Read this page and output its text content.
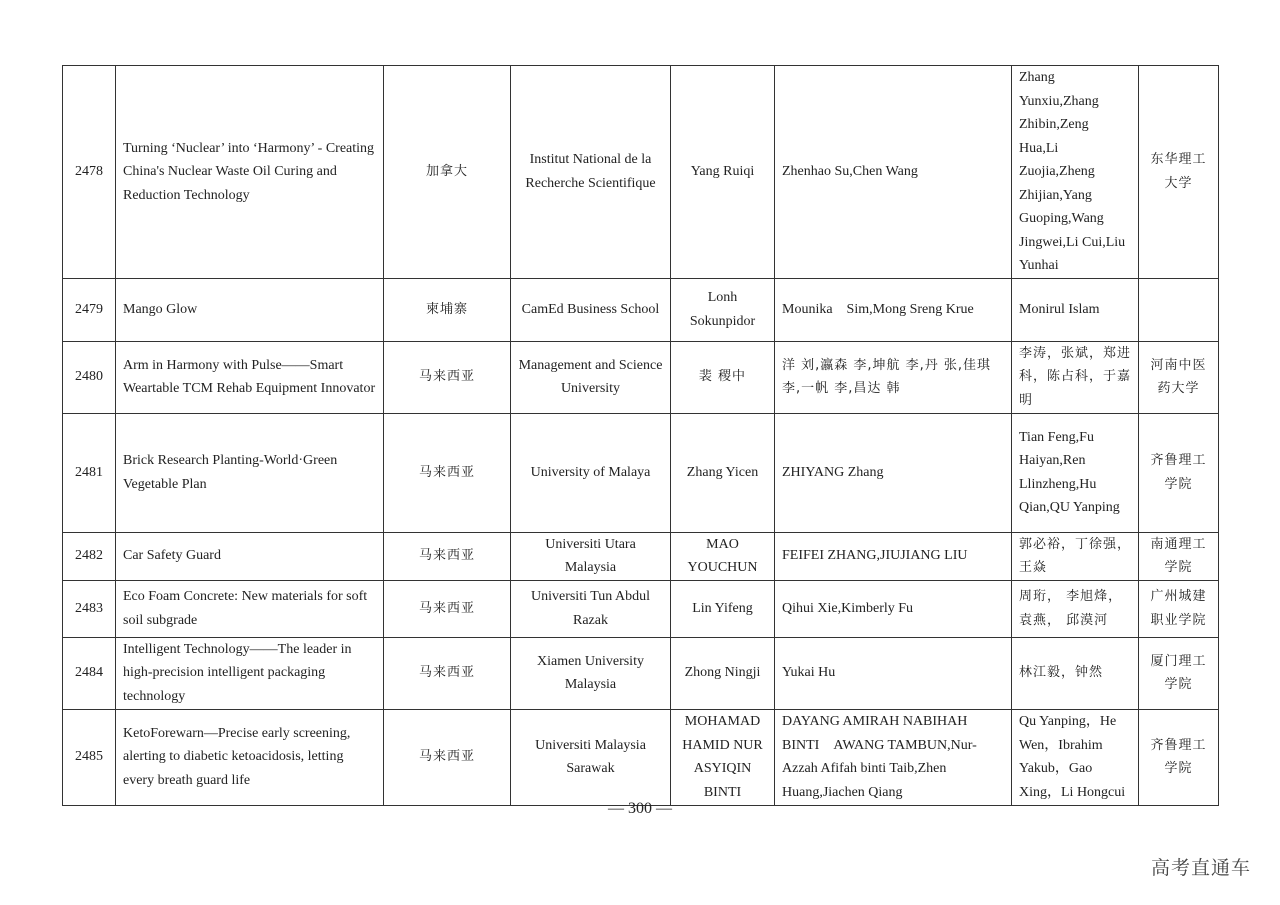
2478	Turning ‘Nuclear’ into ‘Harmony’ - Creating China's Nuclear Waste Oil Curing and Reduction Technology	加拿大	Institut National de la Recherche Scientifique	Yang Ruiqi	Zhenhao Su,Chen Wang	Zhang Yunxiu,Zhang Zhibin,Zeng Hua,Li Zuojia,Zheng Zhijian,Yang Guoping,Wang Jingwei,Li Cui,Liu Yunhai	东华理工大学
2479	Mango Glow	柬埔寨	CamEd Business School	Lonh Sokunpidor	Mounika　Sim,Mong Sreng Krue	Monirul Islam	
2480	Arm in Harmony with Pulse——Smart Weartable TCM Rehab Equipment Innovator	马来西亚	Management and Science University	裴 稷中	洋 刘,瀛森 李,坤航 李,丹 张,佳琪 李,一帆 李,昌达 韩	李涛，张斌，郑进科，陈占科，于嘉明	河南中医药大学
2481	Brick Research Planting-World·Green Vegetable Plan	马来西亚	University of Malaya	Zhang Yicen	ZHIYANG Zhang	Tian Feng,Fu Haiyan,Ren Llinzheng,Hu Qian,QU Yanping	齐鲁理工学院
2482	Car Safety Guard	马来西亚	Universiti Utara Malaysia	MAO YOUCHUN	FEIFEI ZHANG,JIUJIANG LIU	郭必裕，丁徐强，王焱	南通理工学院
2483	Eco Foam Concrete: New materials for soft soil subgrade	马来西亚	Universiti Tun Abdul Razak	Lin Yifeng	Qihui Xie,Kimberly Fu	周珩， 李旭烽，袁燕， 邱漠河	广州城建职业学院
2484	Intelligent Technology——The leader in high-precision intelligent packaging technology	马来西亚	Xiamen University Malaysia	Zhong Ningji	Yukai Hu	林江毅，钟然	厦门理工学院
2485	KetoForewarn—Precise early screening, alerting to diabetic ketoacidosis, letting every breath guard life	马来西亚	Universiti Malaysia Sarawak	MOHAMAD HAMID NUR ASYIQIN BINTI	DAYANG AMIRAH NABIHAH BINTI　AWANG TAMBUN,Nur-Azzah Afifah binti Taib,Zhen Huang,Jiachen Qiang	Qu Yanping，He Wen，Ibrahim Yakub，Gao Xing，Li Hongcui	齐鲁理工学院
— 300 —
高考直通车
